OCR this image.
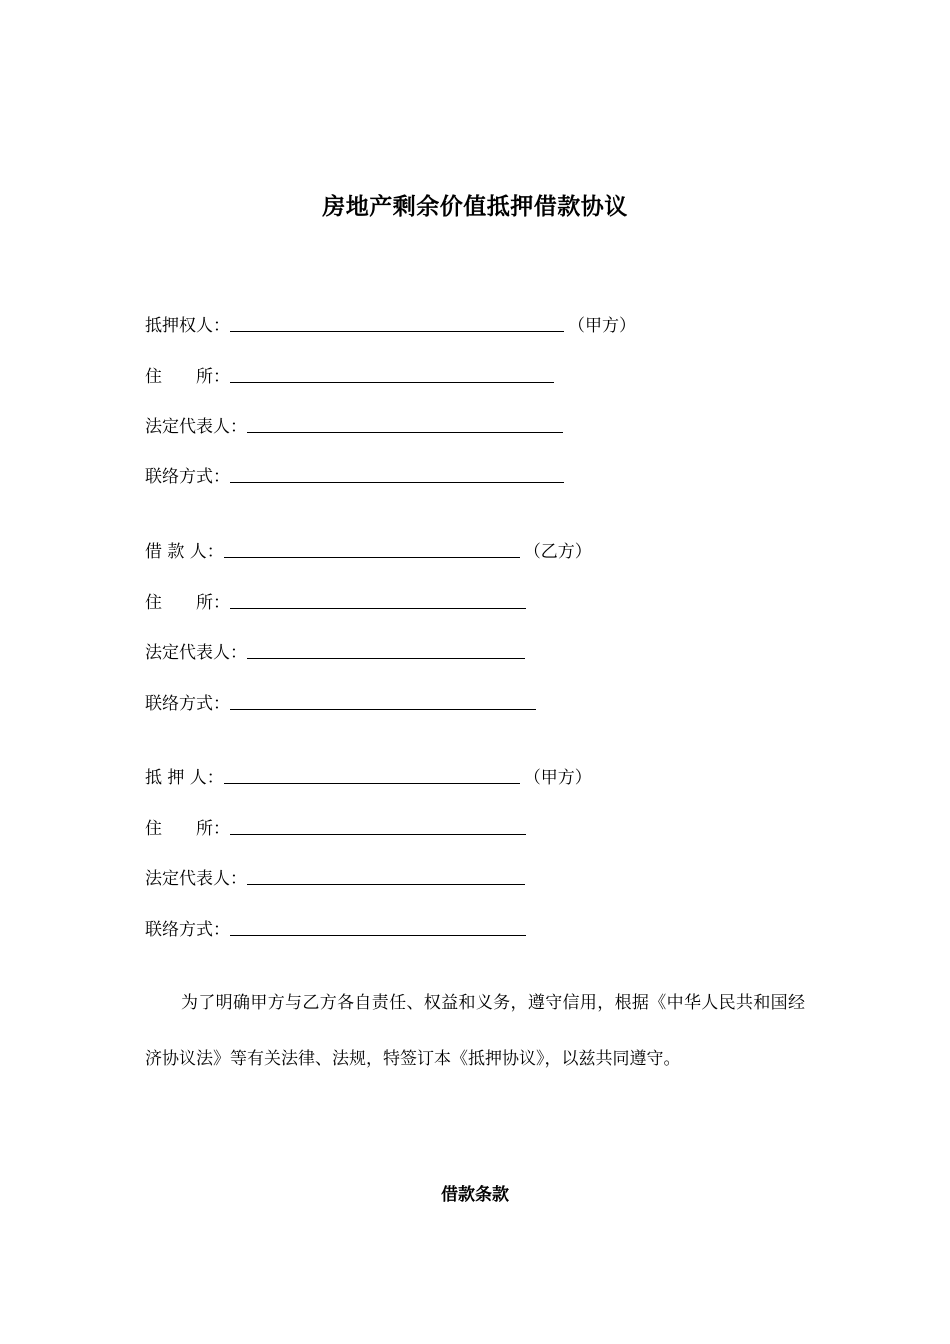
房地产剩余价值抵押借款协议
抵押权人：	（甲方）
住　　所：
法定代表人：
联络方式：
借 款 人：	（乙方）
住　　所：
法定代表人：
联络方式：
抵 押 人：	（甲方）
住　　所：
法定代表人：
联络方式：
为了明确甲方与乙方各自责任、权益和义务，遵守信用，根据《中华人民共和国经济协议法》等有关法律、法规，特签订本《抵押协议》，以兹共同遵守。
借款条款
